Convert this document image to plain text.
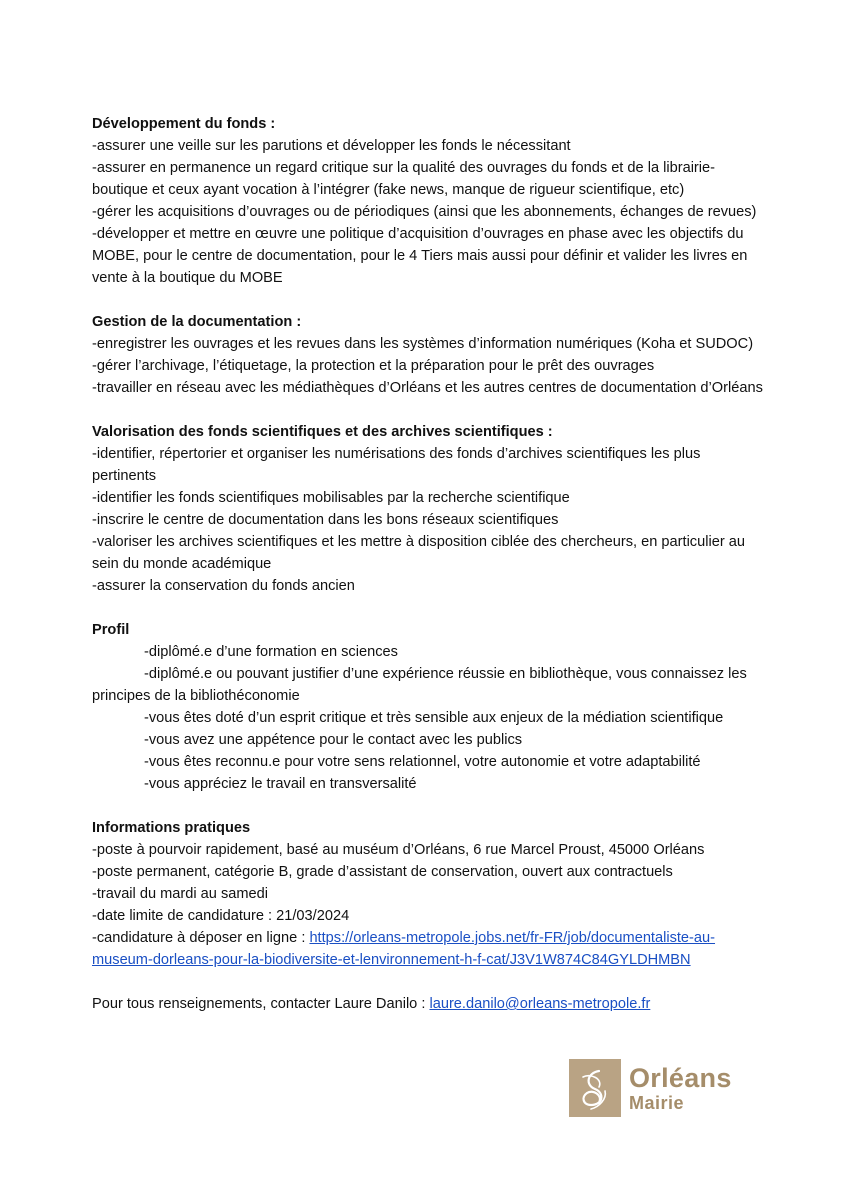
Développement du fonds :
-assurer une veille sur les parutions et développer les fonds le nécessitant
-assurer en permanence un regard critique sur la qualité des ouvrages du fonds et de la librairie-
boutique et ceux ayant vocation à l’intégrer (fake news, manque de rigueur scientifique, etc)
-gérer les acquisitions d’ouvrages ou de périodiques (ainsi que les abonnements, échanges de revues)
-développer et mettre en œuvre une politique d’acquisition d’ouvrages en phase avec les objectifs du
MOBE, pour le centre de documentation, pour le 4 Tiers mais aussi pour définir et valider les livres en
vente à la boutique du MOBE
Gestion de la documentation :
-enregistrer les ouvrages et les revues dans les systèmes d’information numériques (Koha et SUDOC)
-gérer l’archivage, l’étiquetage, la protection et la préparation pour le prêt des ouvrages
-travailler en réseau avec les médiathèques d’Orléans et les autres centres de documentation d’Orléans
Valorisation des fonds scientifiques et des archives scientifiques :
-identifier, répertorier et organiser les numérisations des fonds d’archives scientifiques les plus
pertinents
-identifier les fonds scientifiques mobilisables par la recherche scientifique
-inscrire le centre de documentation dans les bons réseaux scientifiques
-valoriser les archives scientifiques et les mettre à disposition ciblée des chercheurs, en particulier au
sein du monde académique
-assurer la conservation du fonds ancien
Profil
-diplômé.e d’une formation en sciences
-diplômé.e ou pouvant justifier d’une expérience réussie en bibliothèque, vous connaissez les
principes de la bibliothéconomie
-vous êtes doté d’un esprit critique et très sensible aux enjeux de la médiation scientifique
-vous avez une appétence pour le contact avec les publics
-vous êtes reconnu.e pour votre sens relationnel, votre autonomie et votre adaptabilité
-vous appréciez le travail en transversalité
Informations pratiques
-poste à pourvoir rapidement, basé au muséum d’Orléans, 6 rue Marcel Proust, 45000 Orléans
-poste permanent, catégorie B, grade d’assistant de conservation, ouvert aux contractuels
-travail du mardi au samedi
-date limite de candidature : 21/03/2024
-candidature à déposer en ligne : https://orleans-metropole.jobs.net/fr-FR/job/documentaliste-au-
museum-dorleans-pour-la-biodiversite-et-lenvironnement-h-f-cat/J3V1W874C84GYLDHMBN
Pour tous renseignements, contacter Laure Danilo : laure.danilo@orleans-metropole.fr
Orléans
Mairie
